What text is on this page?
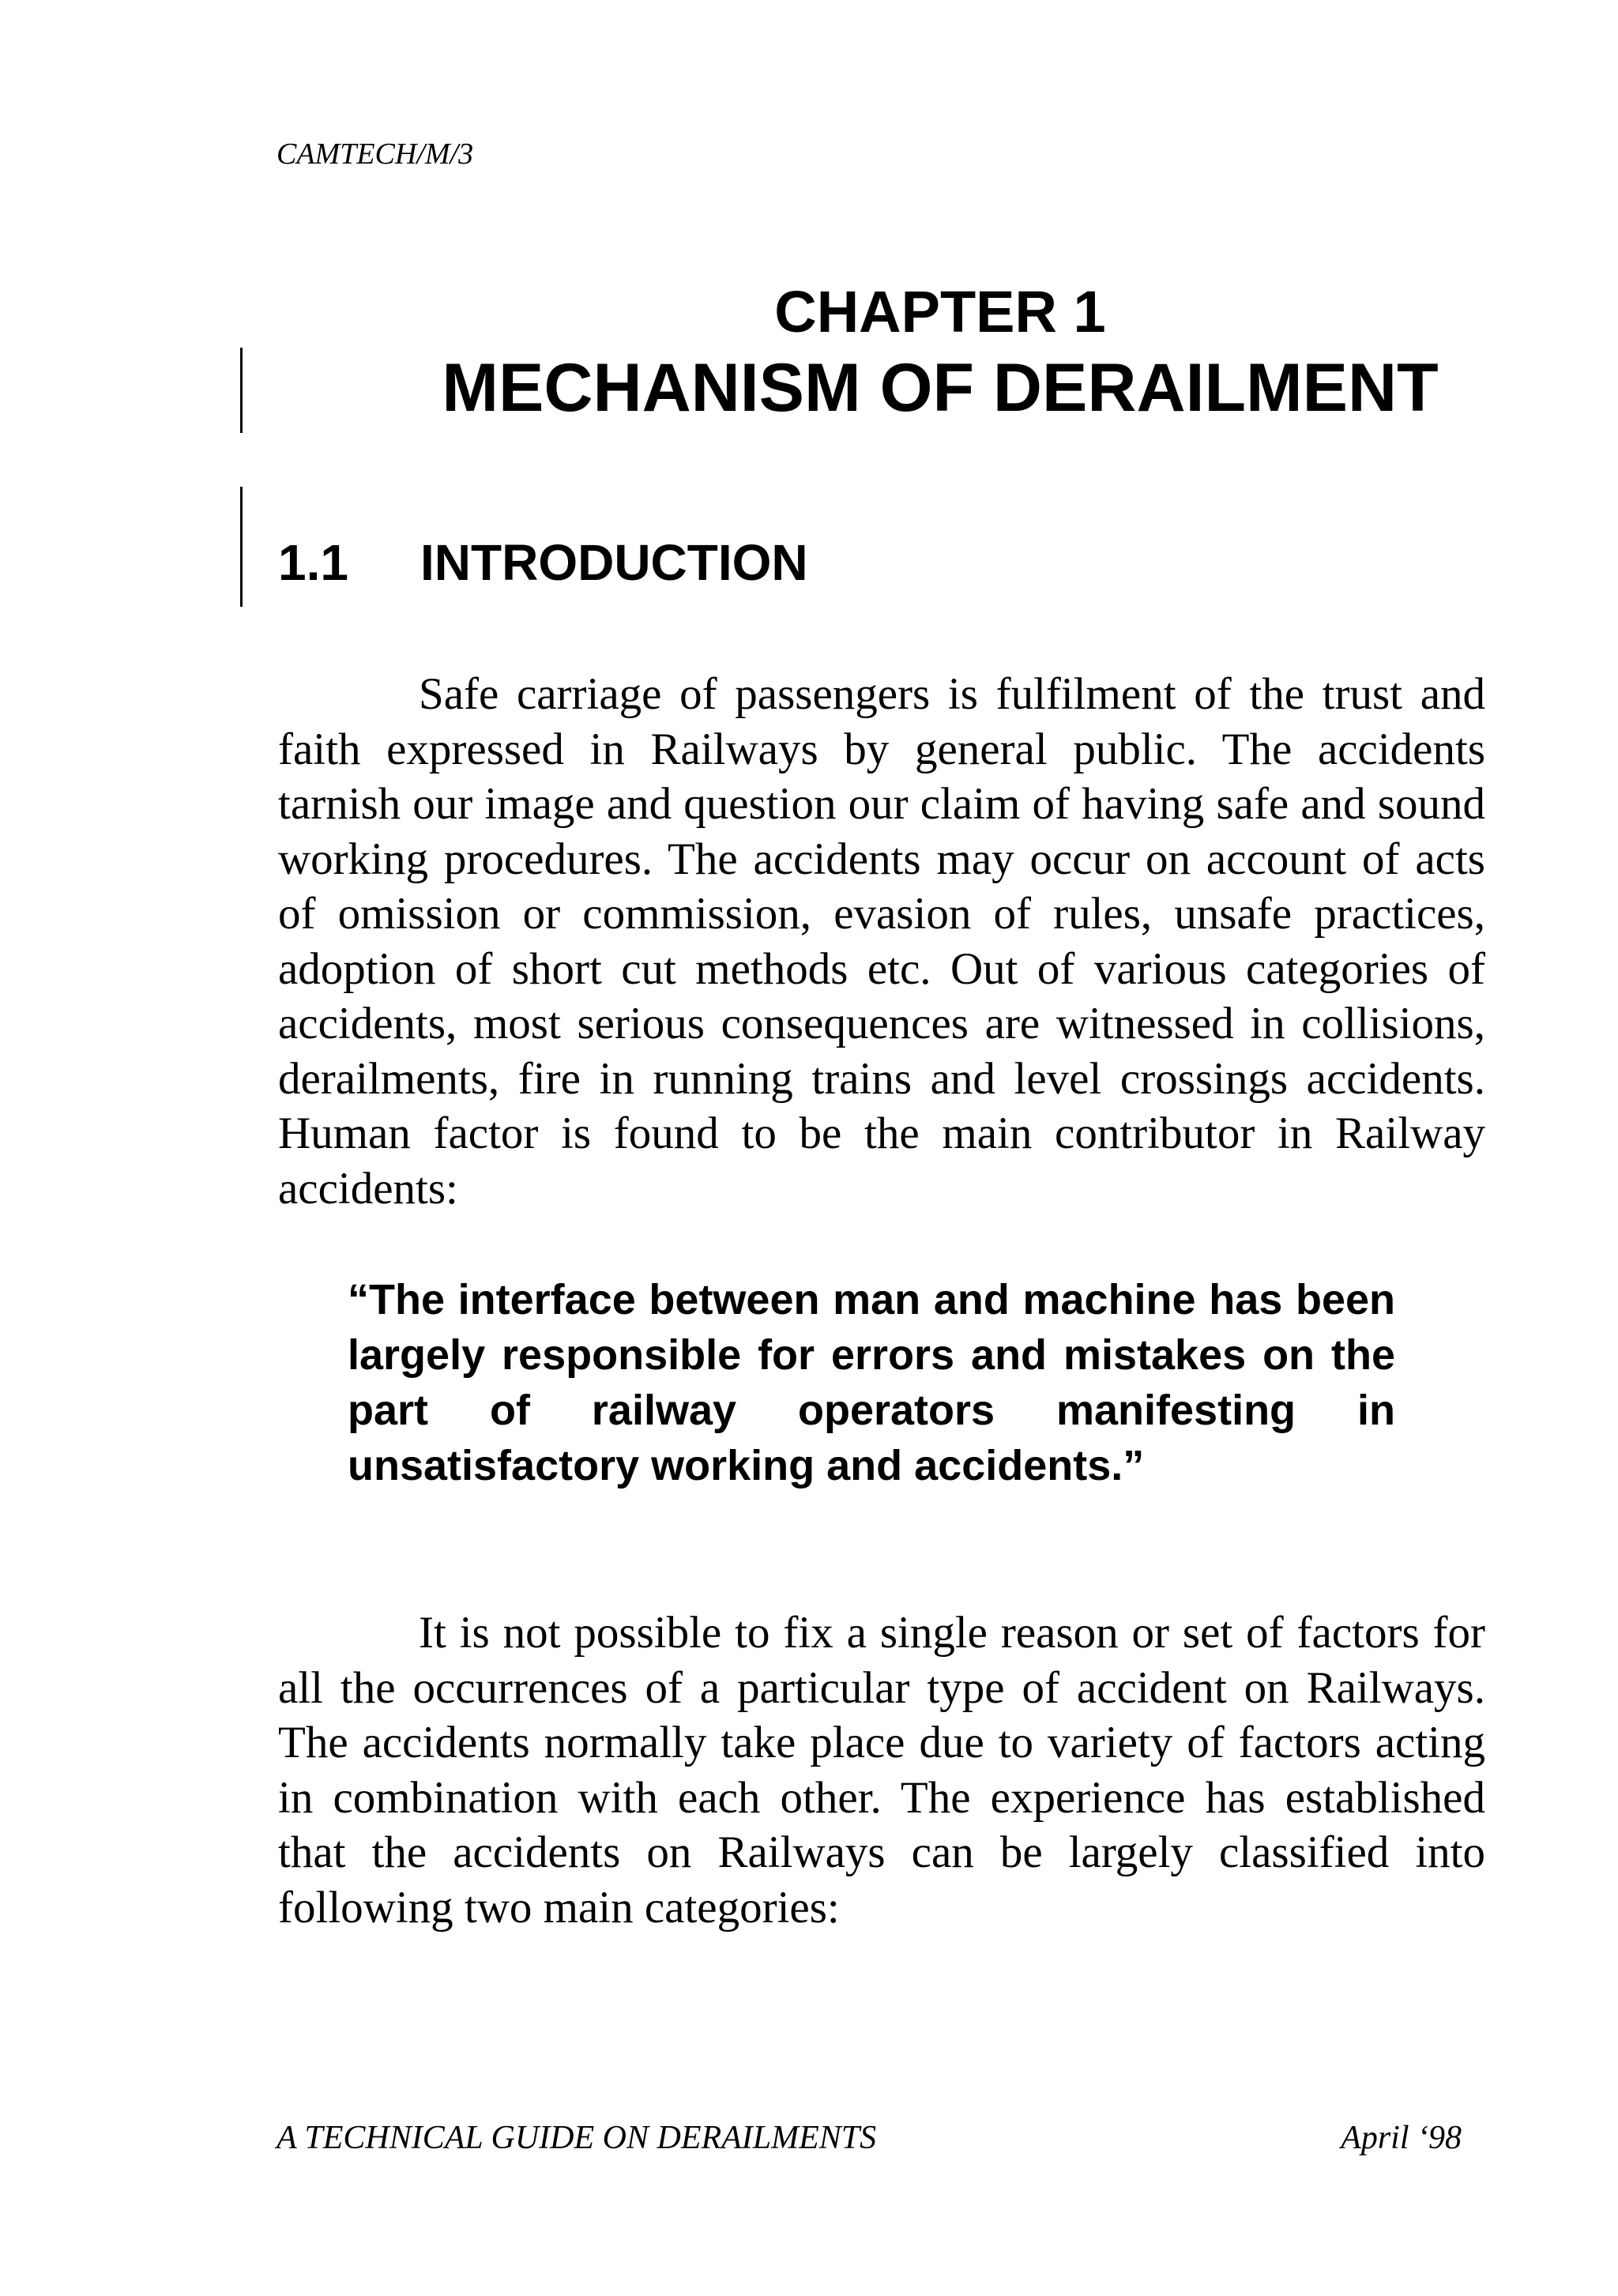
CAMTECH/M/3
CHAPTER 1
MECHANISM OF DERAILMENT
1.1 INTRODUCTION

Safe carriage of passengers is fulfilment of the trust and faith expressed in Railways by general public. The accidents tarnish our image and question our claim of having safe and sound working procedures. The accidents may occur on account of acts of omission or commission, evasion of rules, unsafe practices, adoption of short cut methods etc. Out of various categories of accidents, most serious consequences are witnessed in collisions, derailments, fire in running trains and level crossings accidents. Human factor is found to be the main contributor in Railway accidents:

“The interface between man and machine has been largely responsible for errors and mistakes on the part of railway operators manifesting in unsatisfactory working and accidents.”

It is not possible to fix a single reason or set of factors for all the occurrences of a particular type of accident on Railways. The accidents normally take place due to variety of factors acting in combination with each other. The experience has established that the accidents on Railways can be largely classified into following two main categories:

A TECHNICAL GUIDE ON DERAILMENTS	April ‘98
